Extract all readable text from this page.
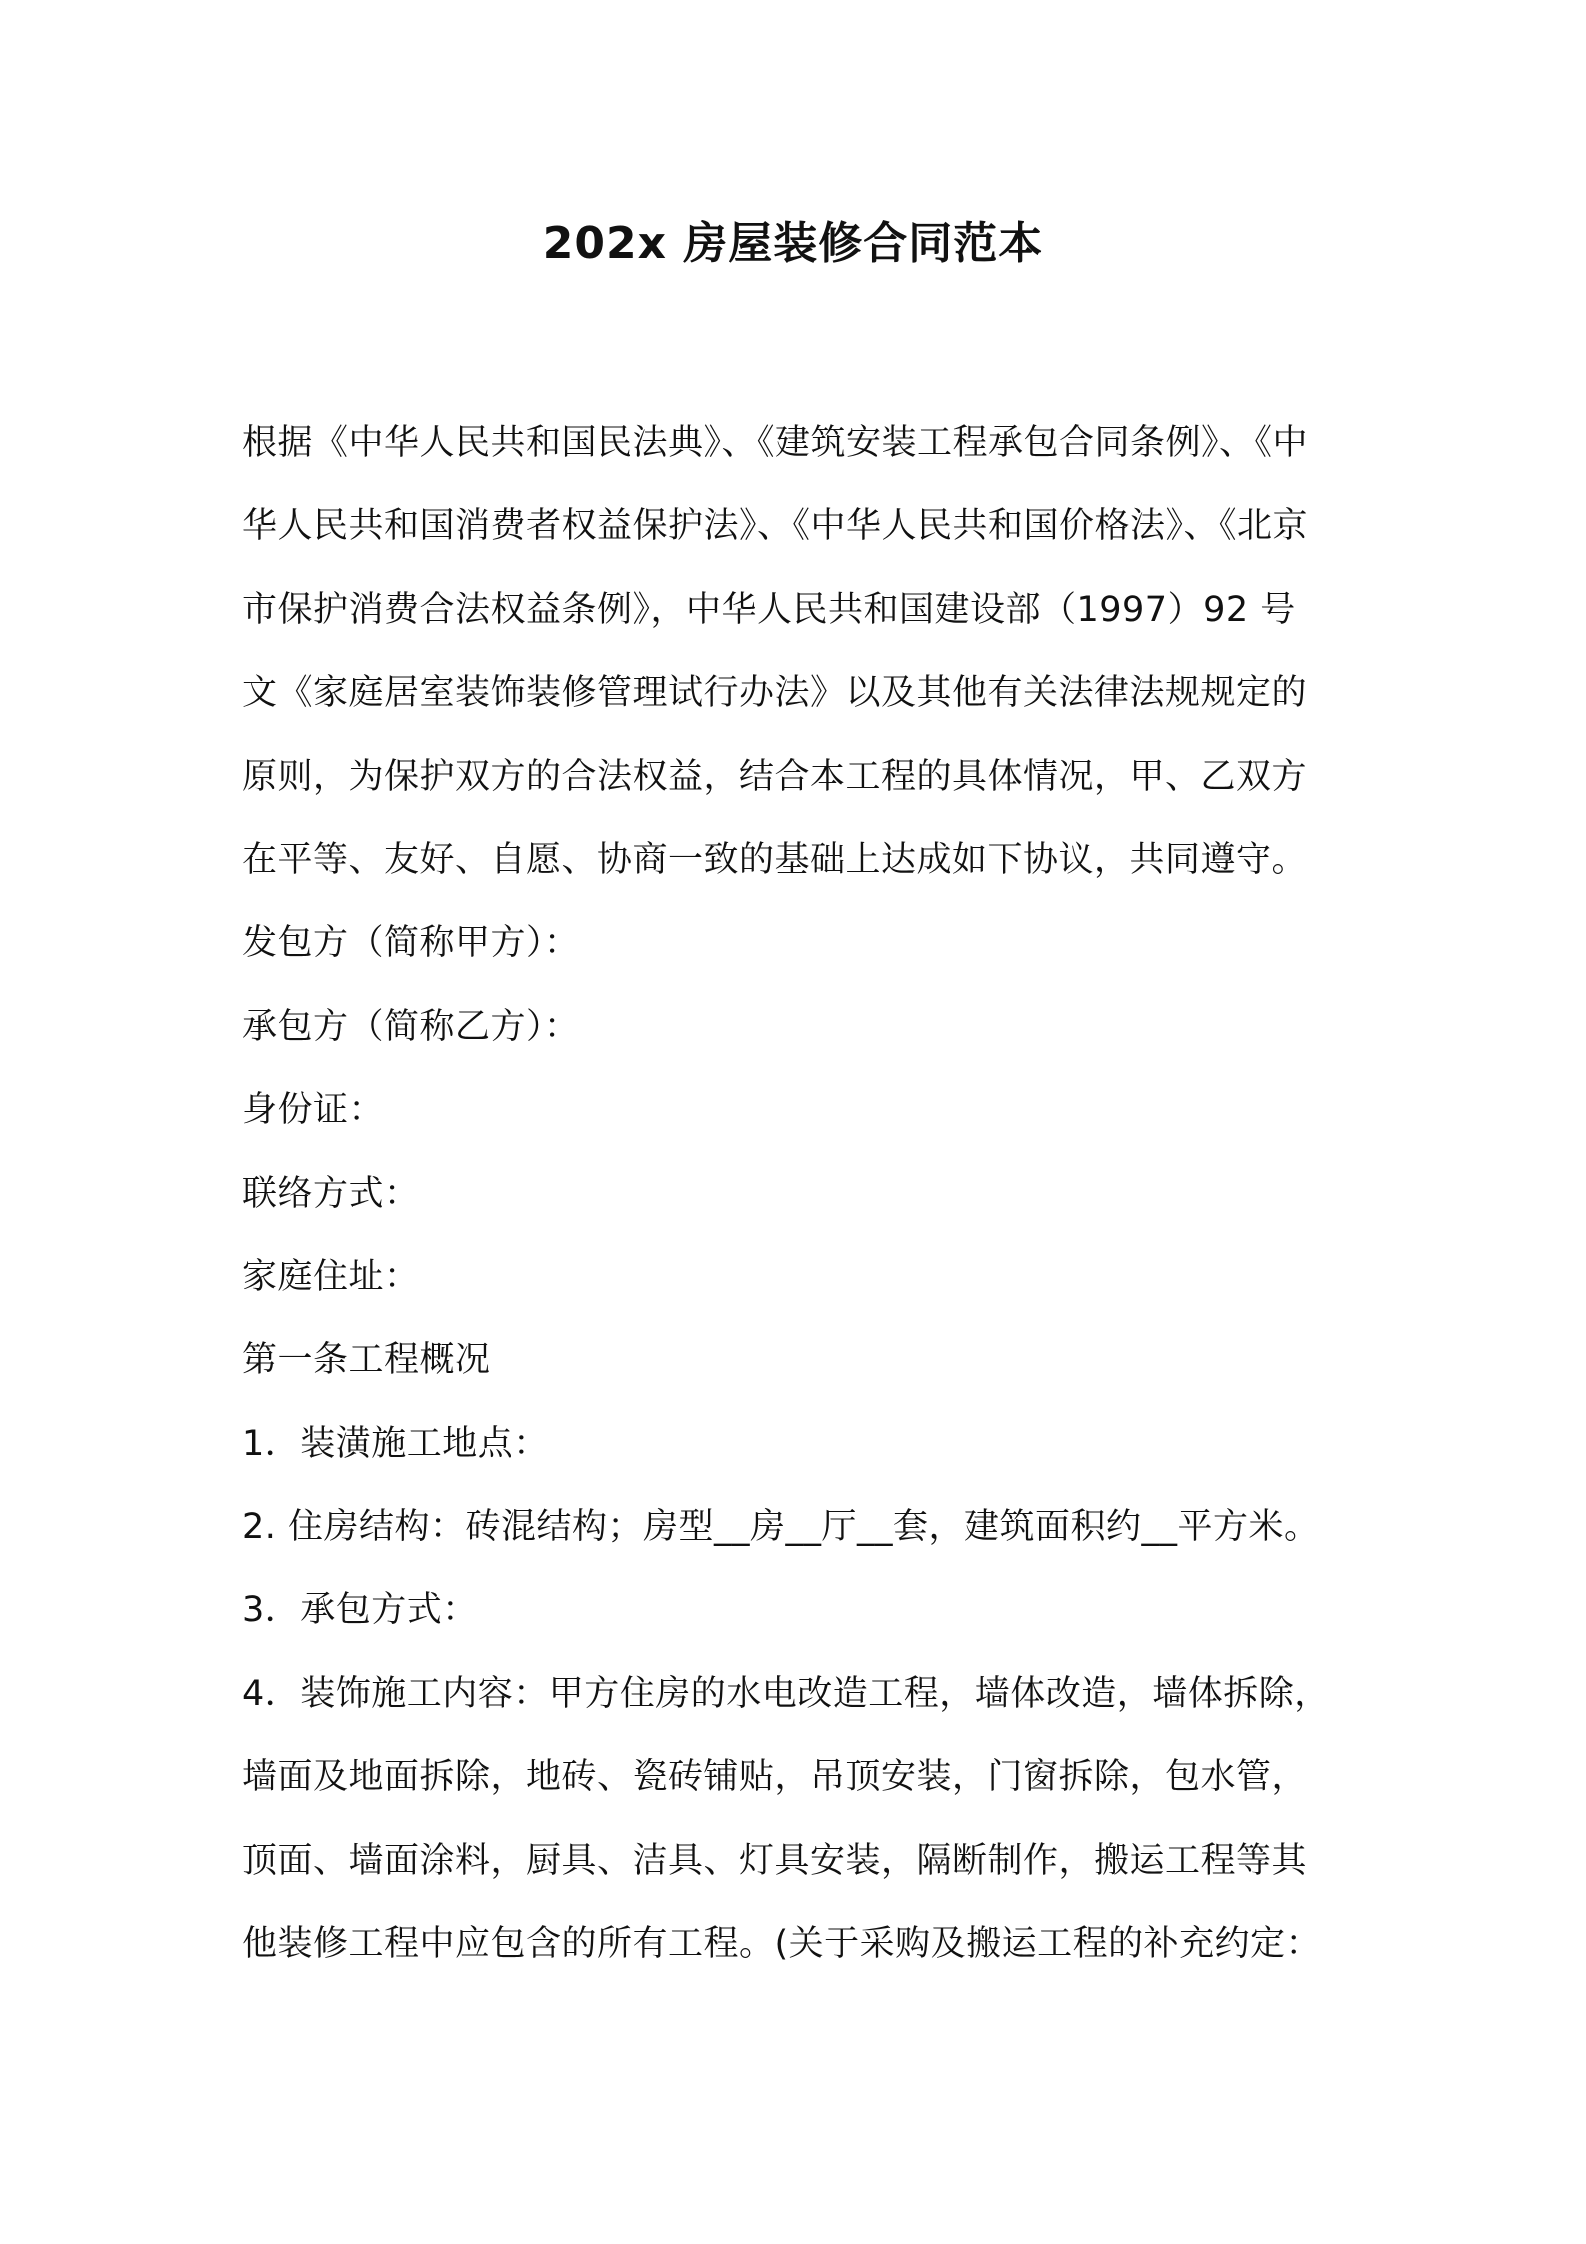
202x 房屋装修合同范本
根据《中华人民共和国民法典》、《建筑安装工程承包合同条例》、《中
华人民共和国消费者权益保护法》、《中华人民共和国价格法》、《北京
市保护消费合法权益条例》，中华人民共和国建设部（1997）92 号
文《家庭居室装饰装修管理试行办法》以及其他有关法律法规规定的
原则，为保护双方的合法权益，结合本工程的具体情况，甲、乙双方
在平等、友好、自愿、协商一致的基础上达成如下协议，共同遵守。
发包方（简称甲方）：
承包方（简称乙方）：
身份证：
联络方式：
家庭住址：
第一条工程概况
1．装潢施工地点：
2. 住房结构：砖混结构；房型__房__厅__套，建筑面积约__平方米。
3．承包方式：
4．装饰施工内容：甲方住房的水电改造工程，墙体改造，墙体拆除，
墙面及地面拆除，地砖、瓷砖铺贴，吊顶安装，门窗拆除，包水管，
顶面、墙面涂料，厨具、洁具、灯具安装，隔断制作，搬运工程等其
他装修工程中应包含的所有工程。(关于采购及搬运工程的补充约定：
